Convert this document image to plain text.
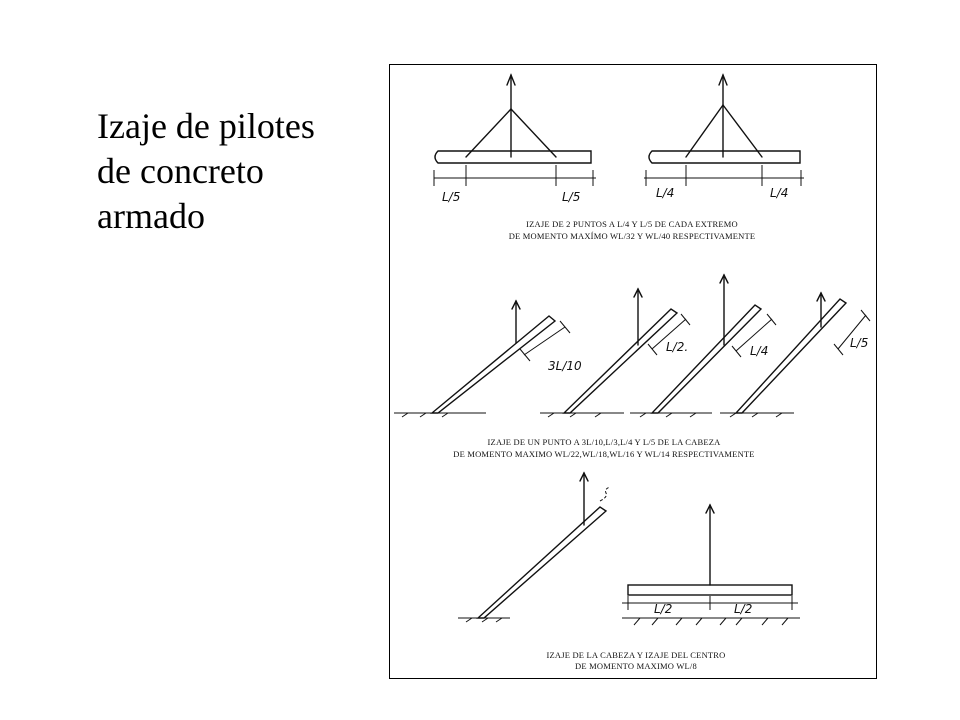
Izaje de pilotes
de concreto
armado	L/5	L/5	L/4	L/4
IZAJE DE 2 PUNTOS A L/4 Y L/5 DE CADA EXTREMO
DE MOMENTO MAXÍMO WL/32 Y WL/40 RESPECTIVAMENTE
3L/10
L/2.	L/4
L/5
IZAJE DE UN PUNTO A 3L/10,L/3,L/4 Y L/5 DE LA CABEZA
DE MOMENTO MAXIMO WL/22,WL/18,WL/16 Y WL/14 RESPECTIVAMENTE
L/2	L/2
IZAJE DE LA CABEZA Y IZAJE DEL CENTRO
DE MOMENTO MAXIMO WL/8
